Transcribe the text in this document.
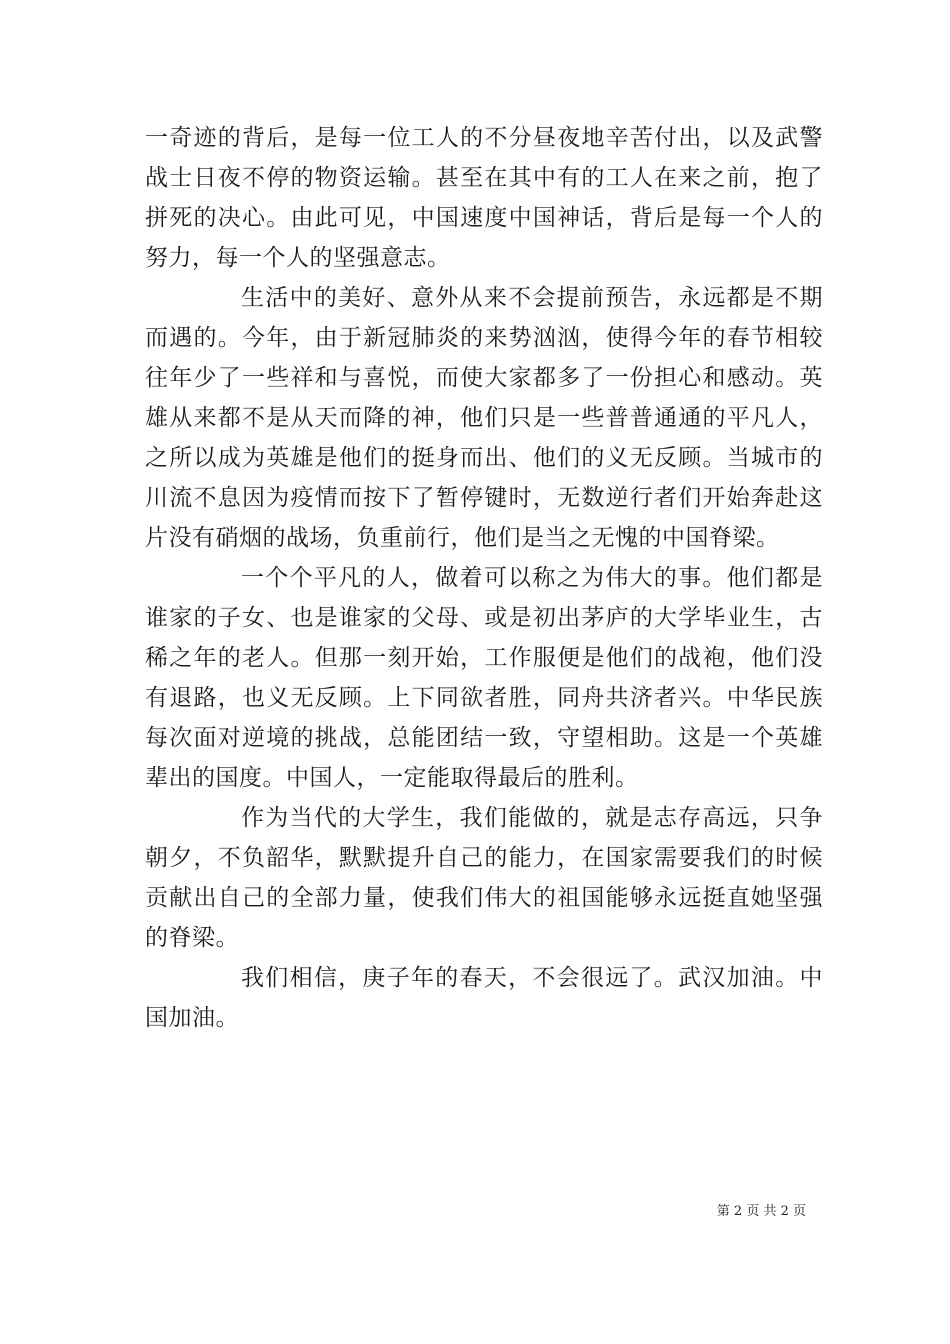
一奇迹的背后，是每一位工人的不分昼夜地辛苦付出，以及武警战士日夜不停的物资运输。甚至在其中有的工人在来之前，抱了拼死的决心。由此可见，中国速度中国神话，背后是每一个人的努力，每一个人的坚强意志。

生活中的美好、意外从来不会提前预告，永远都是不期而遇的。今年，由于新冠肺炎的来势汹汹，使得今年的春节相较往年少了一些祥和与喜悦，而使大家都多了一份担心和感动。英雄从来都不是从天而降的神，他们只是一些普普通通的平凡人，之所以成为英雄是他们的挺身而出、他们的义无反顾。当城市的川流不息因为疫情而按下了暂停键时，无数逆行者们开始奔赴这片没有硝烟的战场，负重前行，他们是当之无愧的中国脊梁。

一个个平凡的人，做着可以称之为伟大的事。他们都是谁家的子女、也是谁家的父母、或是初出茅庐的大学毕业生，古稀之年的老人。但那一刻开始，工作服便是他们的战袍，他们没有退路，也义无反顾。上下同欲者胜，同舟共济者兴。中华民族每次面对逆境的挑战，总能团结一致，守望相助。这是一个英雄辈出的国度。中国人，一定能取得最后的胜利。

作为当代的大学生，我们能做的，就是志存高远，只争朝夕，不负韶华，默默提升自己的能力，在国家需要我们的时候贡献出自己的全部力量，使我们伟大的祖国能够永远挺直她坚强的脊梁。

我们相信，庚子年的春天，不会很远了。武汉加油。中国加油。

第 2 页 共 2 页
